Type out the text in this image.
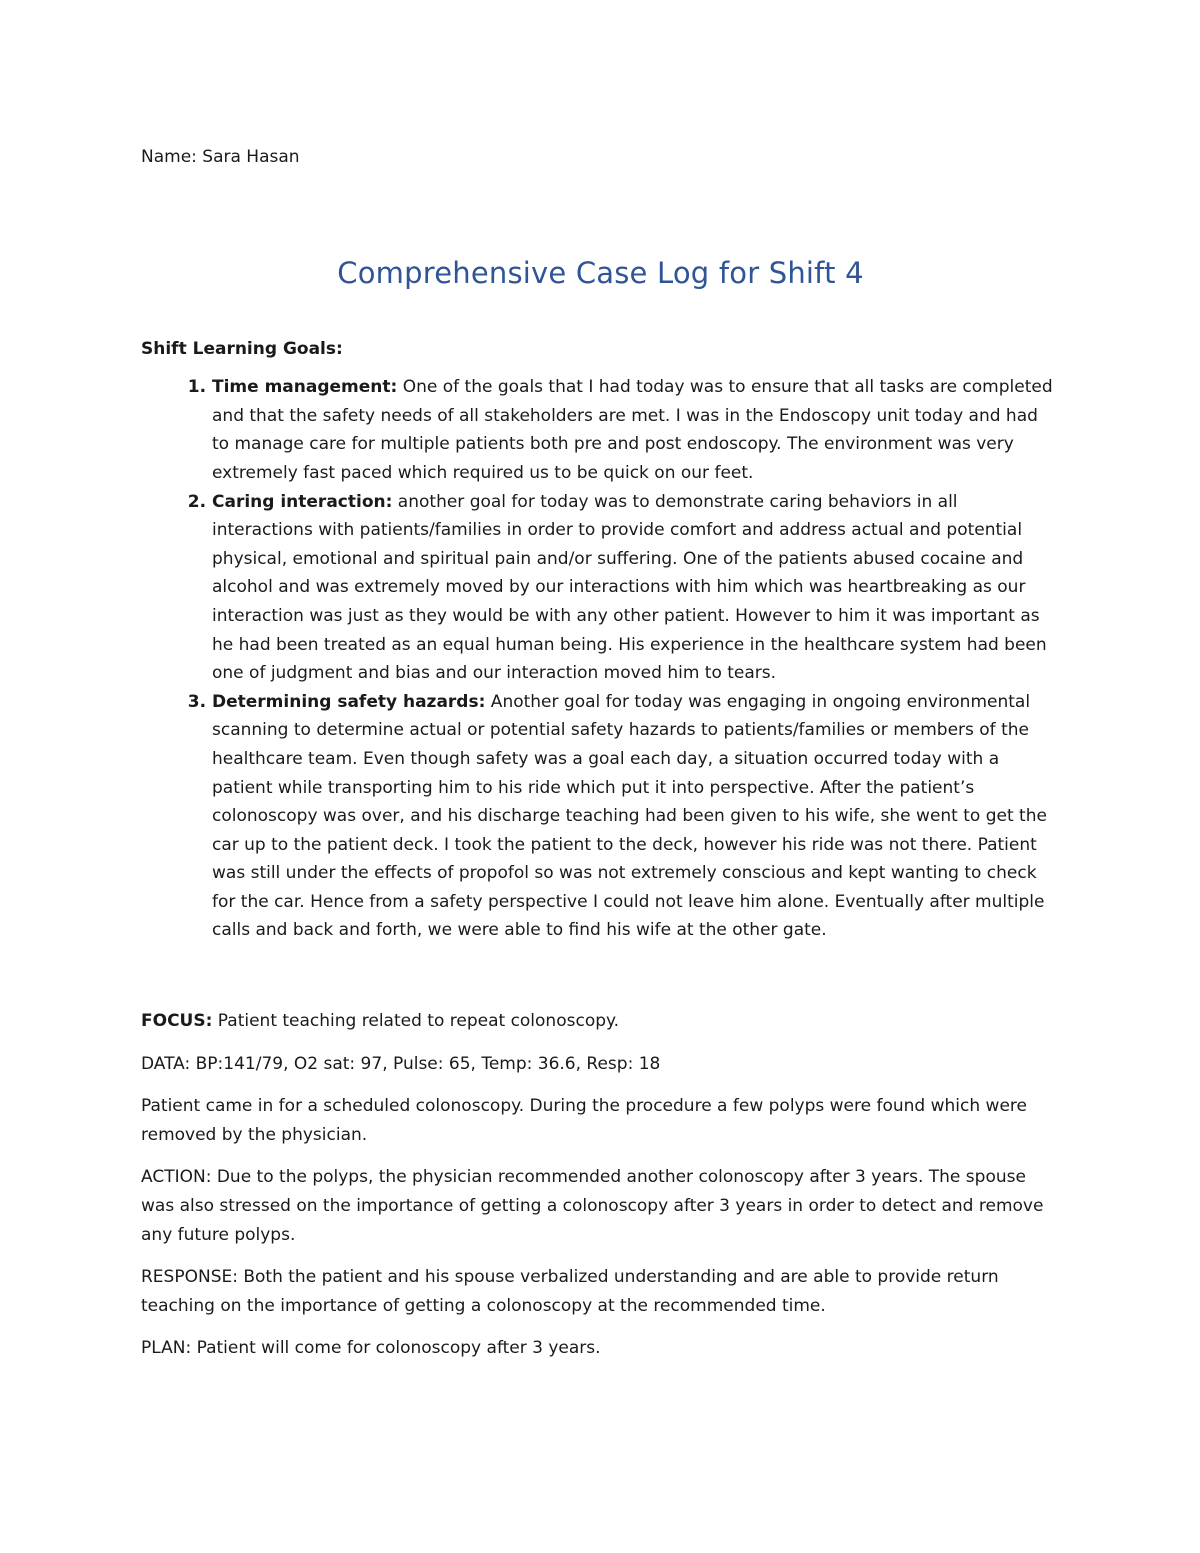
Name: Sara Hasan

Comprehensive Case Log for Shift 4

Shift Learning Goals:

1. Time management: One of the goals that I had today was to ensure that all tasks are completed and that the safety needs of all stakeholders are met. I was in the Endoscopy unit today and had to manage care for multiple patients both pre and post endoscopy. The environment was very extremely fast paced which required us to be quick on our feet.
2. Caring interaction: another goal for today was to demonstrate caring behaviors in all interactions with patients/families in order to provide comfort and address actual and potential physical, emotional and spiritual pain and/or suffering. One of the patients abused cocaine and alcohol and was extremely moved by our interactions with him which was heartbreaking as our interaction was just as they would be with any other patient. However to him it was important as he had been treated as an equal human being. His experience in the healthcare system had been one of judgment and bias and our interaction moved him to tears.
3. Determining safety hazards: Another goal for today was engaging in ongoing environmental scanning to determine actual or potential safety hazards to patients/families or members of the healthcare team. Even though safety was a goal each day, a situation occurred today with a patient while transporting him to his ride which put it into perspective. After the patient’s colonoscopy was over, and his discharge teaching had been given to his wife, she went to get the car up to the patient deck. I took the patient to the deck, however his ride was not there. Patient was still under the effects of propofol so was not extremely conscious and kept wanting to check for the car. Hence from a safety perspective I could not leave him alone. Eventually after multiple calls and back and forth, we were able to find his wife at the other gate.

FOCUS: Patient teaching related to repeat colonoscopy.

DATA: BP:141/79, O2 sat: 97, Pulse: 65, Temp: 36.6, Resp: 18

Patient came in for a scheduled colonoscopy. During the procedure a few polyps were found which were removed by the physician.

ACTION: Due to the polyps, the physician recommended another colonoscopy after 3 years. The spouse was also stressed on the importance of getting a colonoscopy after 3 years in order to detect and remove any future polyps.

RESPONSE: Both the patient and his spouse verbalized understanding and are able to provide return teaching on the importance of getting a colonoscopy at the recommended time.

PLAN: Patient will come for colonoscopy after 3 years.
